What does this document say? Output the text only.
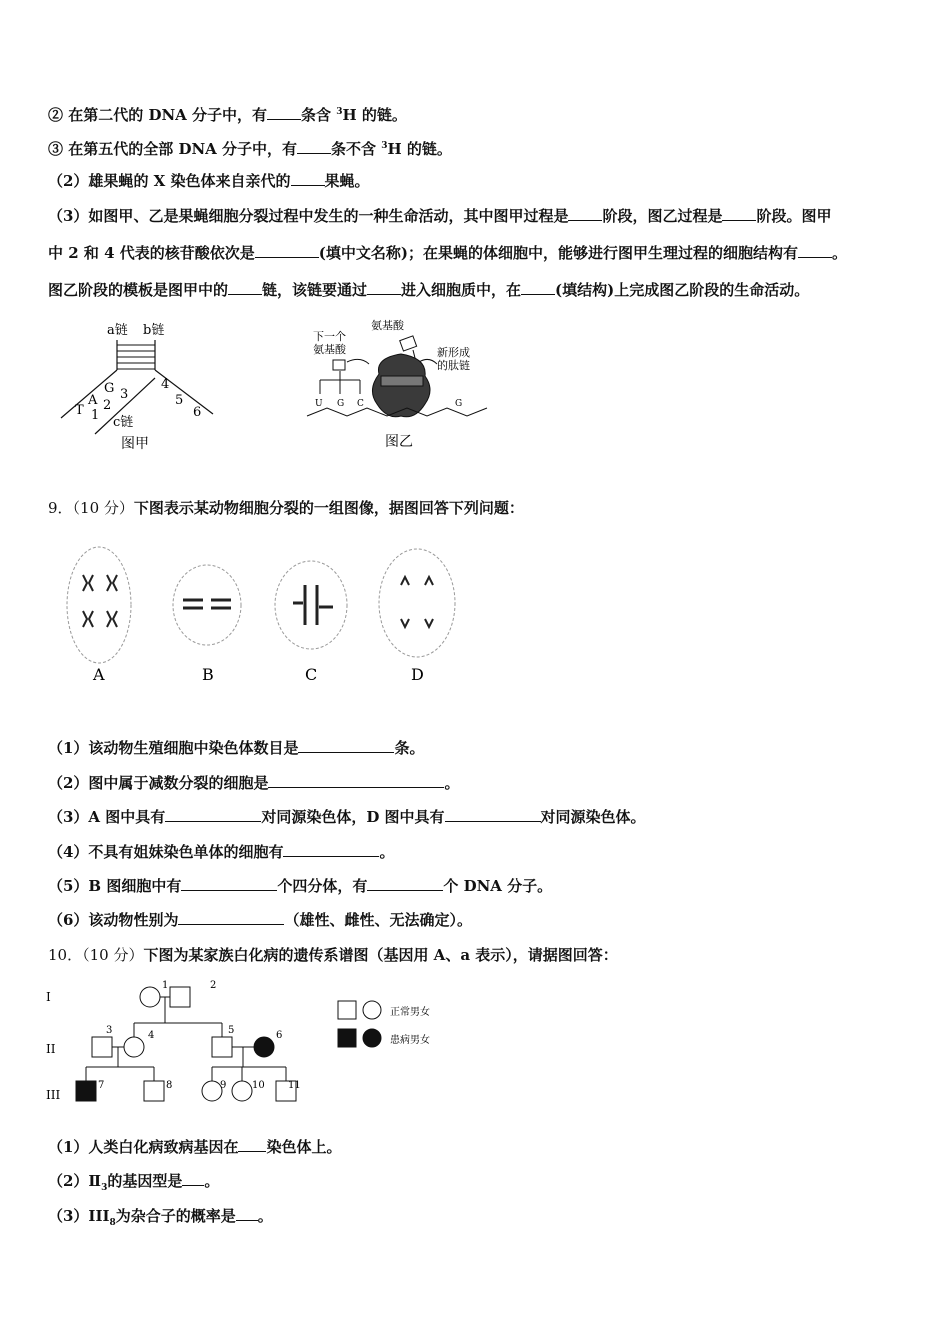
② 在第二代的 DNA 分子中，有 条含 $^3$H 的链。
③ 在第五代的全部 DNA 分子中，有 条不含 $^3$H 的链。
（2）雄果蝇的 X 染色体来自亲代的 果蝇。
（3）如图甲、乙是果蝇细胞分裂过程中发生的一种生命活动，其中图甲过程是 阶段，图乙过程是 阶段。图甲
中 2 和 4 代表的核苷酸依次是	(填中文名称)；在果蝇的体细胞中，能够进行图甲生理过程的细胞结构有 。
图乙阶段的模板是图甲中的 链，该链要通过 进入细胞质中，在 (填结构)上完成图乙阶段的生命活动。
a链 b链
T
A
G
1
2
3
4
5
6
c链
图甲
下一个
氨基酸
氨基酸
新形成
的肽链
U G C	G
图乙
9．（10 分）下图表示某动物细胞分裂的一组图像，据图回答下列问题：
A	B	C	D
（1）该动物生殖细胞中染色体数目是	条。
（2）图中属于减数分裂的细胞是	。
（3）A 图中具有	对同源染色体，D 图中具有	对同源染色体。
（4）不具有姐妹染色单体的细胞有	。
（5）B 图细胞中有	个四分体，有	个 DNA 分子。
（6）该动物性别为	（雄性、雌性、无法确定）。
10．（10 分）下图为某家族白化病的遗传系谱图（基因用 A、a 表示），请据图回答：
I
II
III
1	2
3	4	5	6
7	8	9	10 11
正常男女
患病男女
（1）人类白化病致病基因在 染色体上。
$(2)Ⅱ_3$的基因型是 。
$(3)III_8$为杂合子的概率是 。
